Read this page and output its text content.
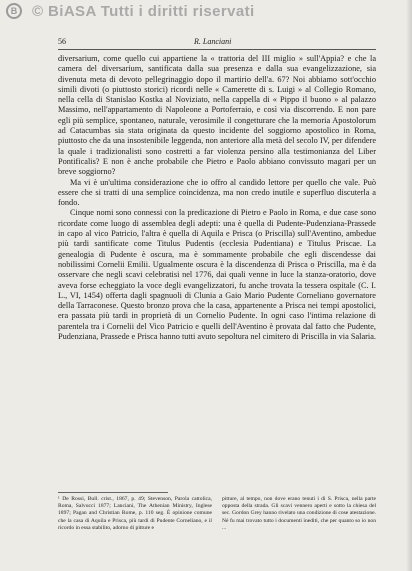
B © BiASA Tutti i diritti riservati
56	R. Lanciani

diversarium, come quello cui appartiene la « trattoria del III miglio » sull'Appia? e che la camera del diversarium, santificata dalla sua presenza e dalla sua evangelizzazione, sia divenuta meta di devoto pellegrinaggio dopo il martirio dell'a. 67? Noi abbiamo sott'occhio simili divoti (o piuttosto storici) ricordi nelle « Camerette di s. Luigi » al Collegio Romano, nella cella di Stanislao Kostka al Noviziato, nella cappella di « Pippo il buono » al palazzo Massimo, nell'appartamento di Napoleone a Portoferraio, e così via discorrendo. E non pare egli più semplice, spontaneo, naturale, verosimile il congetturare che la memoria Apostolorum ad Catacumbas sia stata originata da questo incidente del soggiorno apostolico in Roma, piuttosto che da una insostenibile leggenda, non anteriore alla metà del secolo IV, per difendere la quale i tradizionalisti sono costretti a far violenza persino alla testimonianza del Liber Pontificalis? E non è anche probabile che Pietro e Paolo abbiano convissuto magari per un breve soggiorno?

Ma vi è un'ultima considerazione che io offro al candido lettore per quello che vale. Può essere che si tratti di una semplice coincidenza, ma non credo inutile e superfluo discuterla a fondo.

Cinque nomi sono connessi con la predicazione di Pietro e Paolo in Roma, e due case sono ricordate come luogo di assemblea degli adepti: una è quella di Pudente-Pudenziana-Prassede in capo al vico Patricio, l'altra è quella di Aquila e Prisca (o Priscilla) sull'Aventino, ambedue più tardi santificate come Titulus Pudentis (ecclesia Pudentiana) e Titulus Priscae. La genealogia di Pudente è oscura, ma è sommamente probabile che egli discendesse dai nobilissimi Cornelii Emilii. Ugualmente oscura è la discendenza di Prisca o Priscilla, ma è da osservare che negli scavi celebratisi nel 1776, dai quali venne in luce la stanza-oratorio, dove aveva forse echeggiato la voce degli evangelizzatori, fu anche trovata la tessera ospitale (C. I. L., VI, 1454) offerta dagli spagnuoli di Clunia a Gaio Mario Pudente Corneliano governatore della Tarraconese. Questo bronzo prova che la casa, appartenente a Prisca nei tempi apostolici, era passata più tardi in proprietà di un Cornelio Pudente. In ogni caso l'intima relazione di parentela tra i Cornelii del Vico Patricio e quelli dell'Aventino è provata dal fatto che Pudente, Pudenziana, Prassede e Prisca hanno tutti avuto sepoltura nel cimitero di Priscilla in via Salaria.

¹ De Rossi, Bull. crist., 1867, p. 49; Stevenson, Parola cattolica, Roma, Salvucci 1877; Lanciani, The Athenian Ministry, Inglese 1897; Pagan and Christian Rome, p. 110 seg. È opinione comune che la casa di Aquila e Prisca, più tardi di Pudente Corneliano, e il ricordo in essa stabilito, adorno di pitture e

pitture, al tempo, non dove erano tenuti i di S. Prisca, nella parte opposta della strada. Gli scavi vennero aperti e sotto la chiesa del sec. Gordon Grey hanno rivelato una condizione di cose atestazione. Né fu mai trovato tutto i documenti inediti, che per quanto so io non ...
